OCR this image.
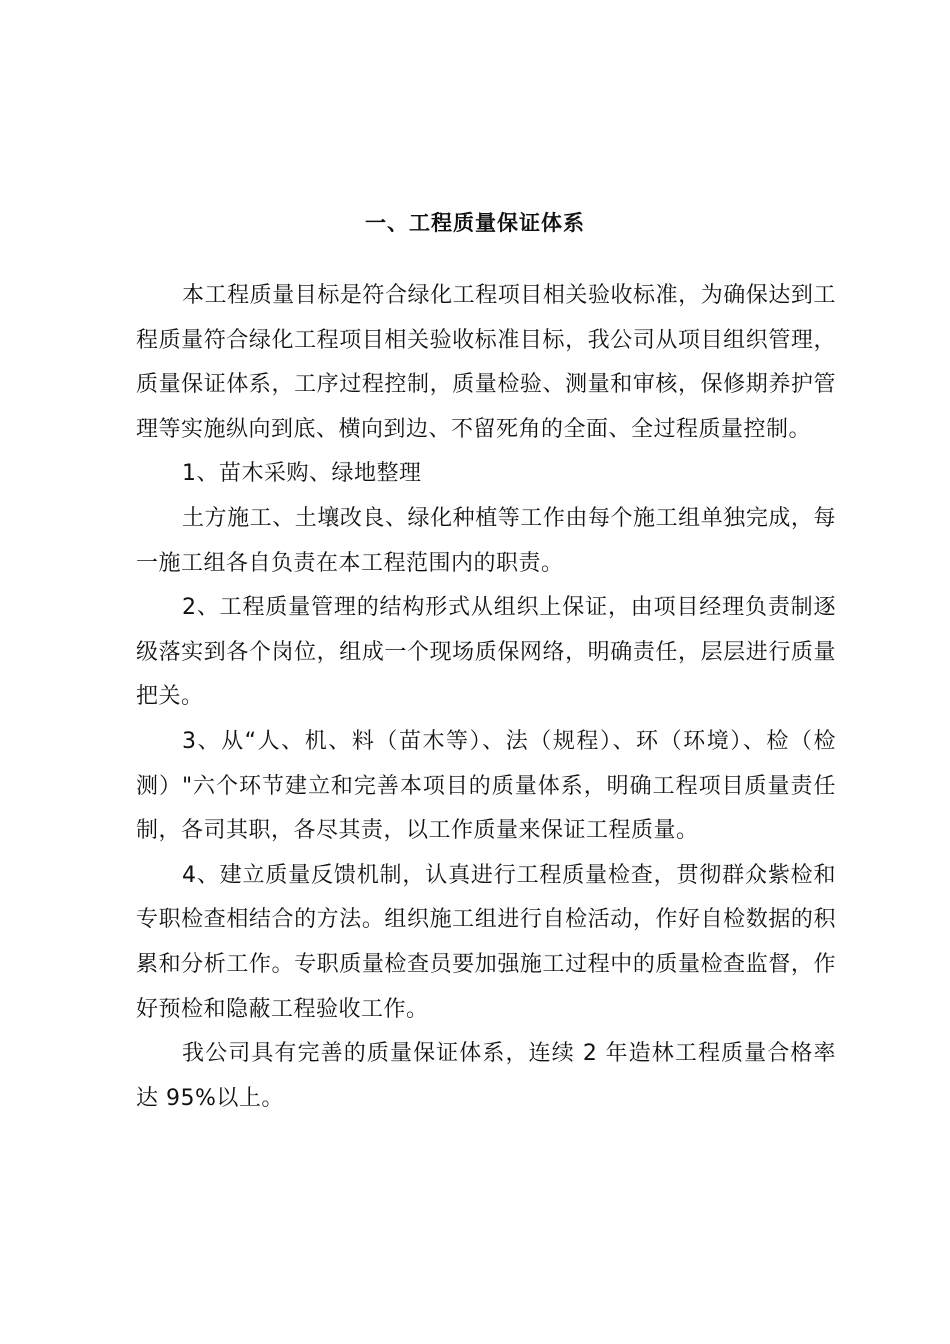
一、工程质量保证体系

本工程质量目标是符合绿化工程项目相关验收标准，为确保达到工程质量符合绿化工程项目相关验收标准目标，我公司从项目组织管理，质量保证体系，工序过程控制，质量检验、测量和审核，保修期养护管理等实施纵向到底、横向到边、不留死角的全面、全过程质量控制。

1、苗木采购、绿地整理

土方施工、土壤改良、绿化种植等工作由每个施工组单独完成，每一施工组各自负责在本工程范围内的职责。

2、工程质量管理的结构形式从组织上保证，由项目经理负责制逐级落实到各个岗位，组成一个现场质保网络，明确责任，层层进行质量把关。

3、从“人、机、料（苗木等）、法（规程）、环（环境）、检（检测）"六个环节建立和完善本项目的质量体系，明确工程项目质量责任制，各司其职，各尽其责，以工作质量来保证工程质量。

4、建立质量反馈机制，认真进行工程质量检查，贯彻群众紫检和专职检查相结合的方法。组织施工组进行自检活动，作好自检数据的积累和分析工作。专职质量检查员要加强施工过程中的质量检查监督，作好预检和隐蔽工程验收工作。

我公司具有完善的质量保证体系，连续 2 年造林工程质量合格率达 95%以上。
